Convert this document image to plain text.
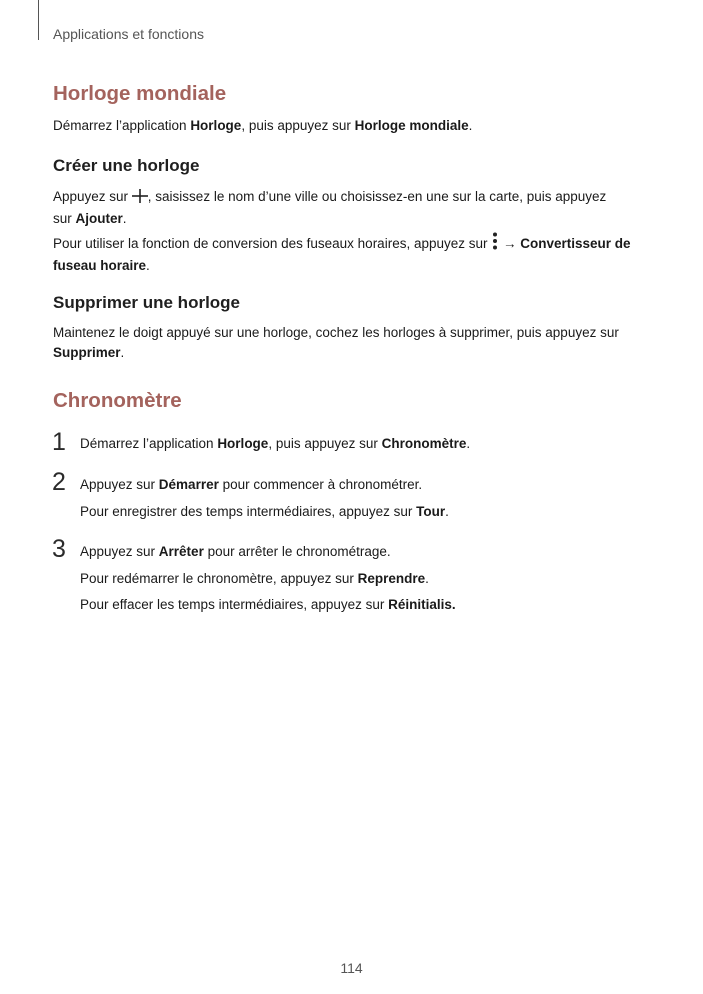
Applications et fonctions
Horloge mondiale

Démarrez l’application Horloge, puis appuyez sur Horloge mondiale.

Créer une horloge

Appuyez sur , saisissez le nom d’une ville ou choisissez-en une sur la carte, puis appuyez sur Ajouter.

Pour utiliser la fonction de conversion des fuseaux horaires, appuyez sur  → Convertisseur de fuseau horaire.

Supprimer une horloge

Maintenez le doigt appuyé sur une horloge, cochez les horloges à supprimer, puis appuyez sur Supprimer.

Chronomètre
1 Démarrez l’application Horloge, puis appuyez sur Chronomètre.
2 Appuyez sur Démarrer pour commencer à chronométrer.
Pour enregistrer des temps intermédiaires, appuyez sur Tour.
3 Appuyez sur Arrêter pour arrêter le chronométrage.
Pour redémarrer le chronomètre, appuyez sur Reprendre.
Pour effacer les temps intermédiaires, appuyez sur Réinitialis.
114
